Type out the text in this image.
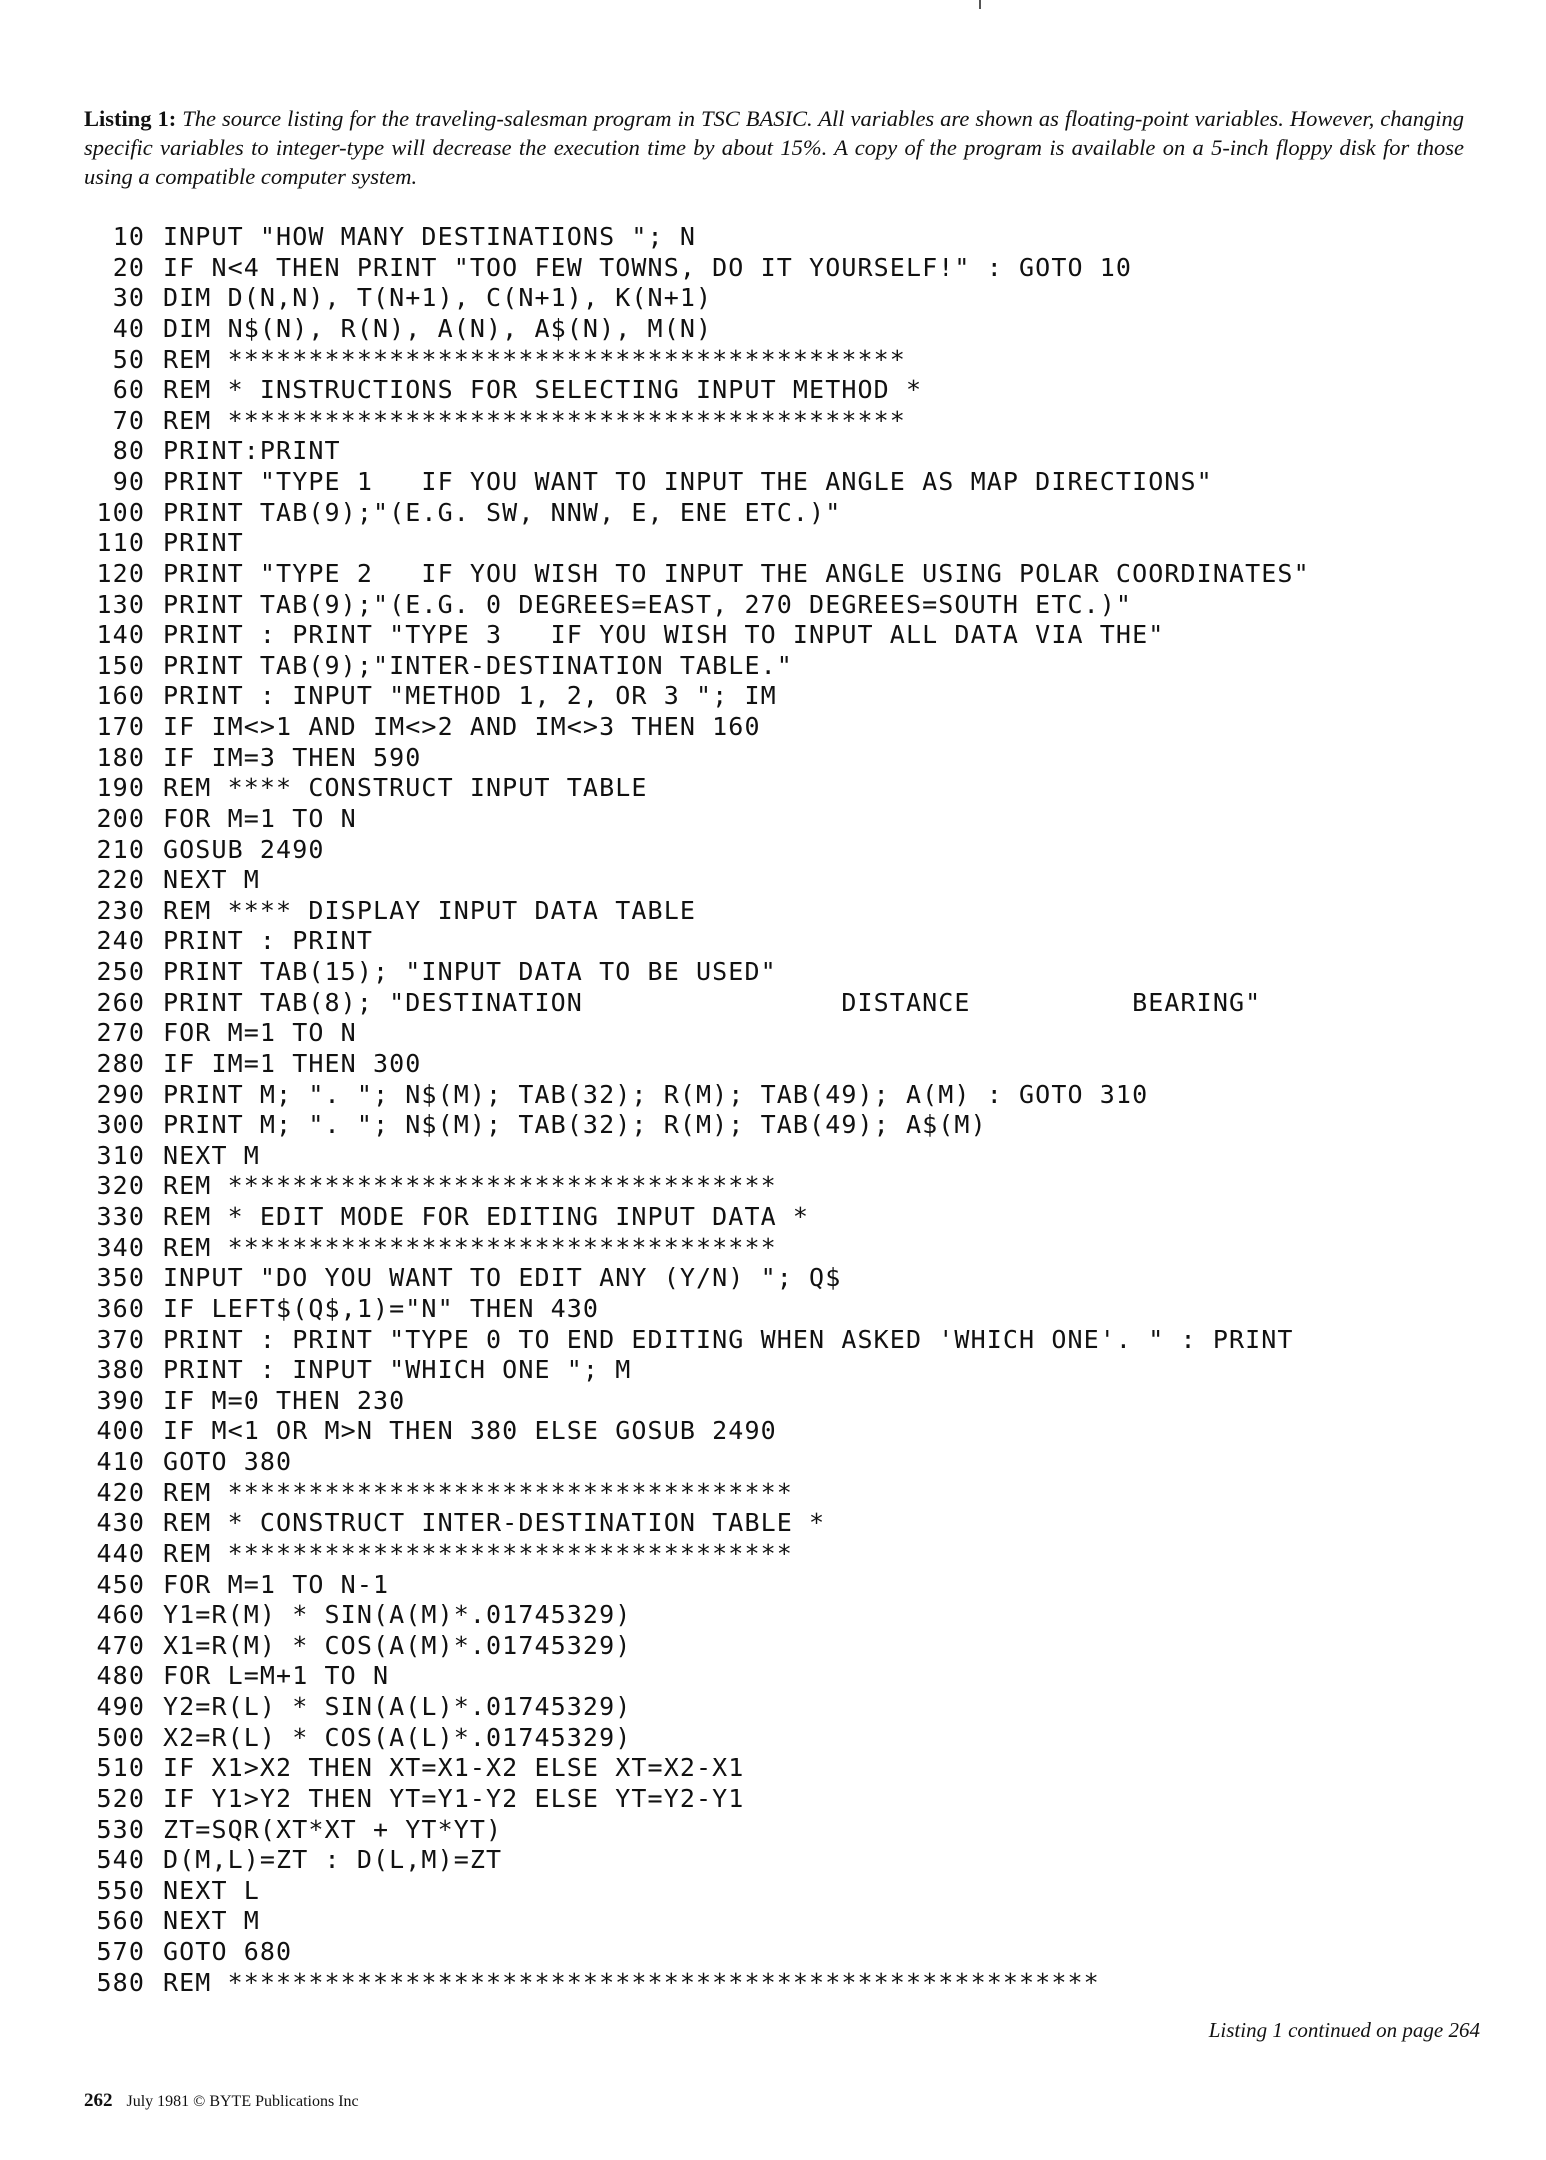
Listing 1: The source listing for the traveling-salesman program in TSC BASIC. All variables are shown as floating-point variables. However, changing specific variables to integer-type will decrease the execution time by about 15%. A copy of the program is available on a 5-inch floppy disk for those using a compatible computer system.
10 INPUT "HOW MANY DESTINATIONS "; N
20 IF N<4 THEN PRINT "TOO FEW TOWNS, DO IT YOURSELF!" : GOTO 10
30 DIM D(N,N), T(N+1), C(N+1), K(N+1)
40 DIM N$(N), R(N), A(N), A$(N), M(N)
50 REM ******************************************
60 REM * INSTRUCTIONS FOR SELECTING INPUT METHOD *
70 REM ******************************************
80 PRINT:PRINT
90 PRINT "TYPE 1   IF YOU WANT TO INPUT THE ANGLE AS MAP DIRECTIONS"
100 PRINT TAB(9);"(E.G. SW, NNW, E, ENE ETC.)"
110 PRINT
120 PRINT "TYPE 2   IF YOU WISH TO INPUT THE ANGLE USING POLAR COORDINATES"
130 PRINT TAB(9);"(E.G. 0 DEGREES=EAST, 270 DEGREES=SOUTH ETC.)"
140 PRINT : PRINT "TYPE 3   IF YOU WISH TO INPUT ALL DATA VIA THE"
150 PRINT TAB(9);"INTER-DESTINATION TABLE."
160 PRINT : INPUT "METHOD 1, 2, OR 3 "; IM
170 IF IM<>1 AND IM<>2 AND IM<>3 THEN 160
180 IF IM=3 THEN 590
190 REM **** CONSTRUCT INPUT TABLE
200 FOR M=1 TO N
210 GOSUB 2490
220 NEXT M
230 REM **** DISPLAY INPUT DATA TABLE
240 PRINT : PRINT
250 PRINT TAB(15); "INPUT DATA TO BE USED"
260 PRINT TAB(8); "DESTINATION                DISTANCE          BEARING"
270 FOR M=1 TO N
280 IF IM=1 THEN 300
290 PRINT M; ". "; N$(M); TAB(32); R(M); TAB(49); A(M) : GOTO 310
300 PRINT M; ". "; N$(M); TAB(32); R(M); TAB(49); A$(M)
310 NEXT M
320 REM **********************************
330 REM * EDIT MODE FOR EDITING INPUT DATA *
340 REM **********************************
350 INPUT "DO YOU WANT TO EDIT ANY (Y/N) "; Q$
360 IF LEFT$(Q$,1)="N" THEN 430
370 PRINT : PRINT "TYPE 0 TO END EDITING WHEN ASKED 'WHICH ONE'. " : PRINT
380 PRINT : INPUT "WHICH ONE "; M
390 IF M=0 THEN 230
400 IF M<1 OR M>N THEN 380 ELSE GOSUB 2490
410 GOTO 380
420 REM ***********************************
430 REM * CONSTRUCT INTER-DESTINATION TABLE *
440 REM ***********************************
450 FOR M=1 TO N-1
460 Y1=R(M) * SIN(A(M)*.01745329)
470 X1=R(M) * COS(A(M)*.01745329)
480 FOR L=M+1 TO N
490 Y2=R(L) * SIN(A(L)*.01745329)
500 X2=R(L) * COS(A(L)*.01745329)
510 IF X1>X2 THEN XT=X1-X2 ELSE XT=X2-X1
520 IF Y1>Y2 THEN YT=Y1-Y2 ELSE YT=Y2-Y1
530 ZT=SQR(XT*XT + YT*YT)
540 D(M,L)=ZT : D(L,M)=ZT
550 NEXT L
560 NEXT M
570 GOTO 680
580 REM ******************************************************
Listing 1 continued on page 264
262 July 1981 © BYTE Publications Inc
